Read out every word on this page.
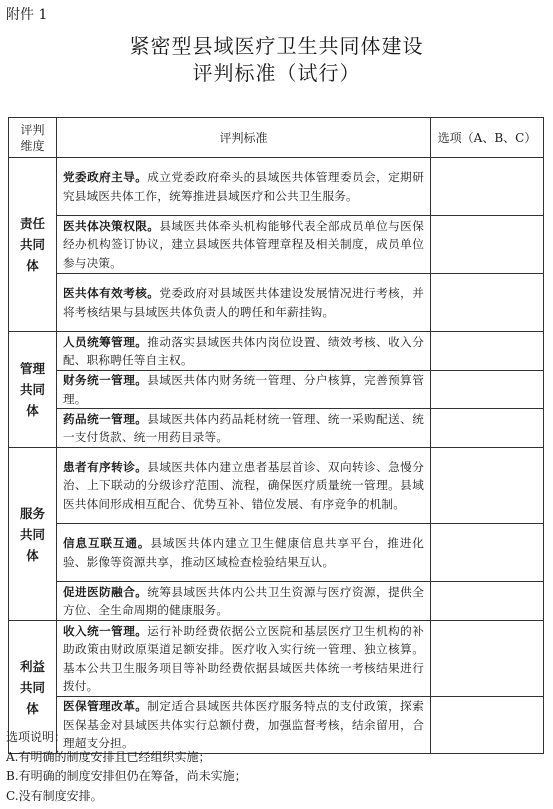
附件 1
紧密型县域医疗卫生共同体建设
评判标准（试行）
评判
维度	评判标准	选项（A、B、C）

责任
共同
体	党委政府主导。成立党委政府牵头的县域医共体管理委员会，定期研究县域医共体工作，统筹推进县域医疗和公共卫生服务。	
	医共体决策权限。县域医共体牵头机构能够代表全部成员单位与医保经办机构签订协议，建立县域医共体管理章程及相关制度，成员单位参与决策。	
	医共体有效考核。党委政府对县域医共体建设发展情况进行考核，并将考核结果与县域医共体负责人的聘任和年薪挂钩。	

管理
共同
体	人员统筹管理。推动落实县域医共体内岗位设置、绩效考核、收入分配、职称聘任等自主权。	
	财务统一管理。县域医共体内财务统一管理、分户核算，完善预算管理。	
	药品统一管理。县域医共体内药品耗材统一管理、统一采购配送、统一支付货款、统一用药目录等。	

服务
共同
体	患者有序转诊。县域医共体内建立患者基层首诊、双向转诊、急慢分治、上下联动的分级诊疗范围、流程，确保医疗质量统一管理。县域医共体间形成相互配合、优势互补、错位发展、有序竞争的机制。	
	信息互联互通。县域医共体内建立卫生健康信息共享平台，推进化验、影像等资源共享，推动区域检查检验结果互认。	
	促进医防融合。统筹县域医共体内公共卫生资源与医疗资源，提供全方位、全生命周期的健康服务。	

利益
共同
体	收入统一管理。运行补助经费依据公立医院和基层医疗卫生机构的补助政策由财政原渠道足额安排。医疗收入实行统一管理、独立核算。基本公共卫生服务项目等补助经费依据县域医共体统一考核结果进行拨付。	
	医保管理改革。制定适合县域医共体医疗服务特点的支付政策，探索医保基金对县域医共体实行总额付费，加强监督考核，结余留用，合理超支分担。	
选项说明：
A.有明确的制度安排且已经组织实施；
B.有明确的制度安排但仍在筹备，尚未实施；
C.没有制度安排。
